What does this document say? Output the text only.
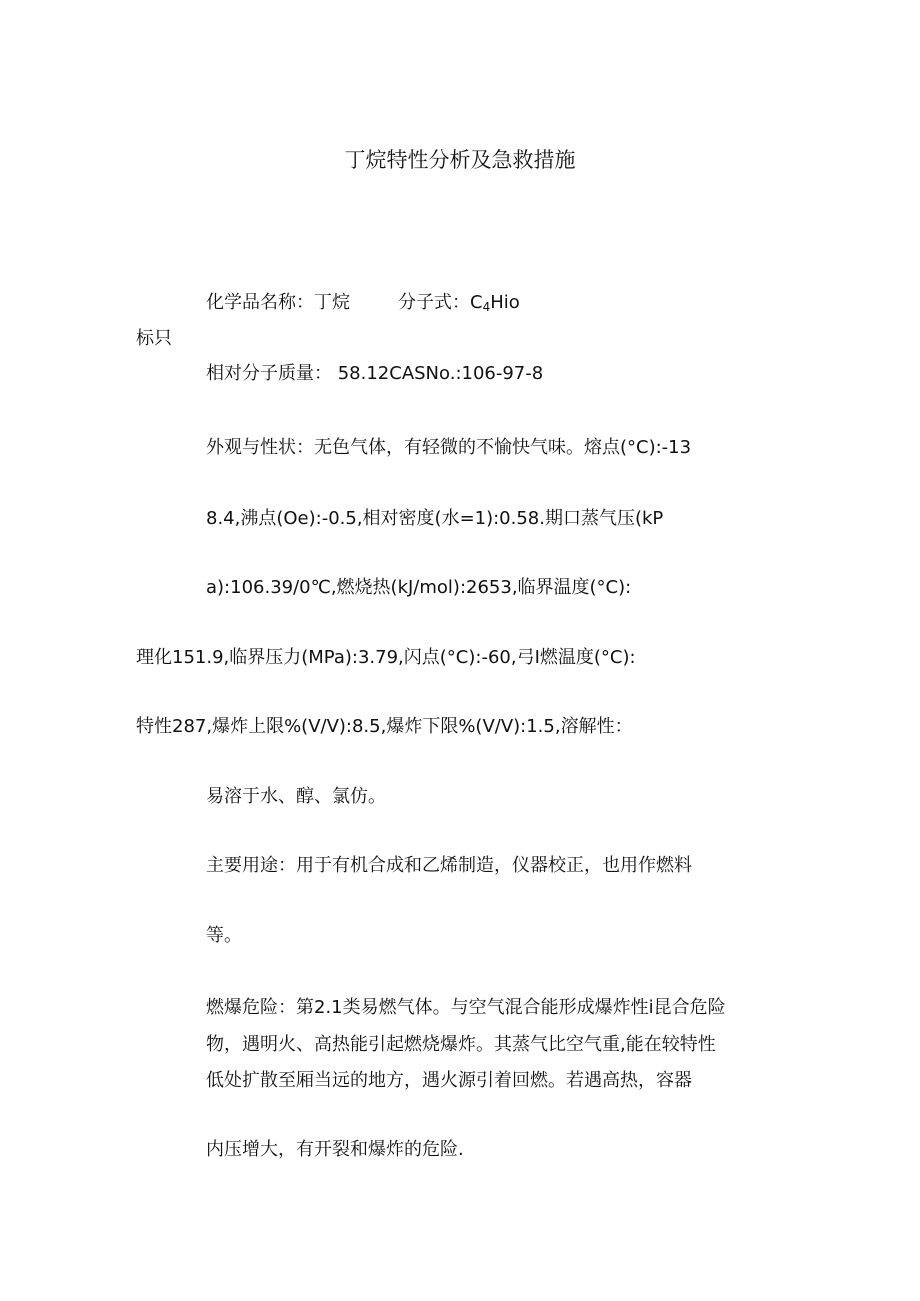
丁烷特性分析及急救措施
化学品名称：丁烷	分子式：$C_4Hio$
标只
相对分子质量： 58.12CASNo.:106-97-8
外观与性状：无色气体，有轻微的不愉快气味。熔点(°C):-13
8.4,沸点(Oe):-0.5,相对密度(水=1):0.58.期口蒸气压(kP
a):106.39/0℃,燃烧热(kJ∕mol):2653,临界温度(°C):
理化151.9,临界压力(MPa):3.79,闪点(°C):-60,弓I燃温度(°C):
特性287,爆炸上限%(V∕V):8.5,爆炸下限%(V∕V):1.5,溶解性：
易溶于水、醇、氯仿。
主要用途：用于有机合成和乙烯制造，仪器校正，也用作燃料
等。
燃爆危险：第2.1类易燃气体。与空气混合能形成爆炸性i昆合危险
物，遇明火、高热能引起燃烧爆炸。其蒸气比空气重,能在较特性
低处扩散至厢当远的地方，遇火源引着回燃。若遇高热，容器
内压增大，有开裂和爆炸的危险.
